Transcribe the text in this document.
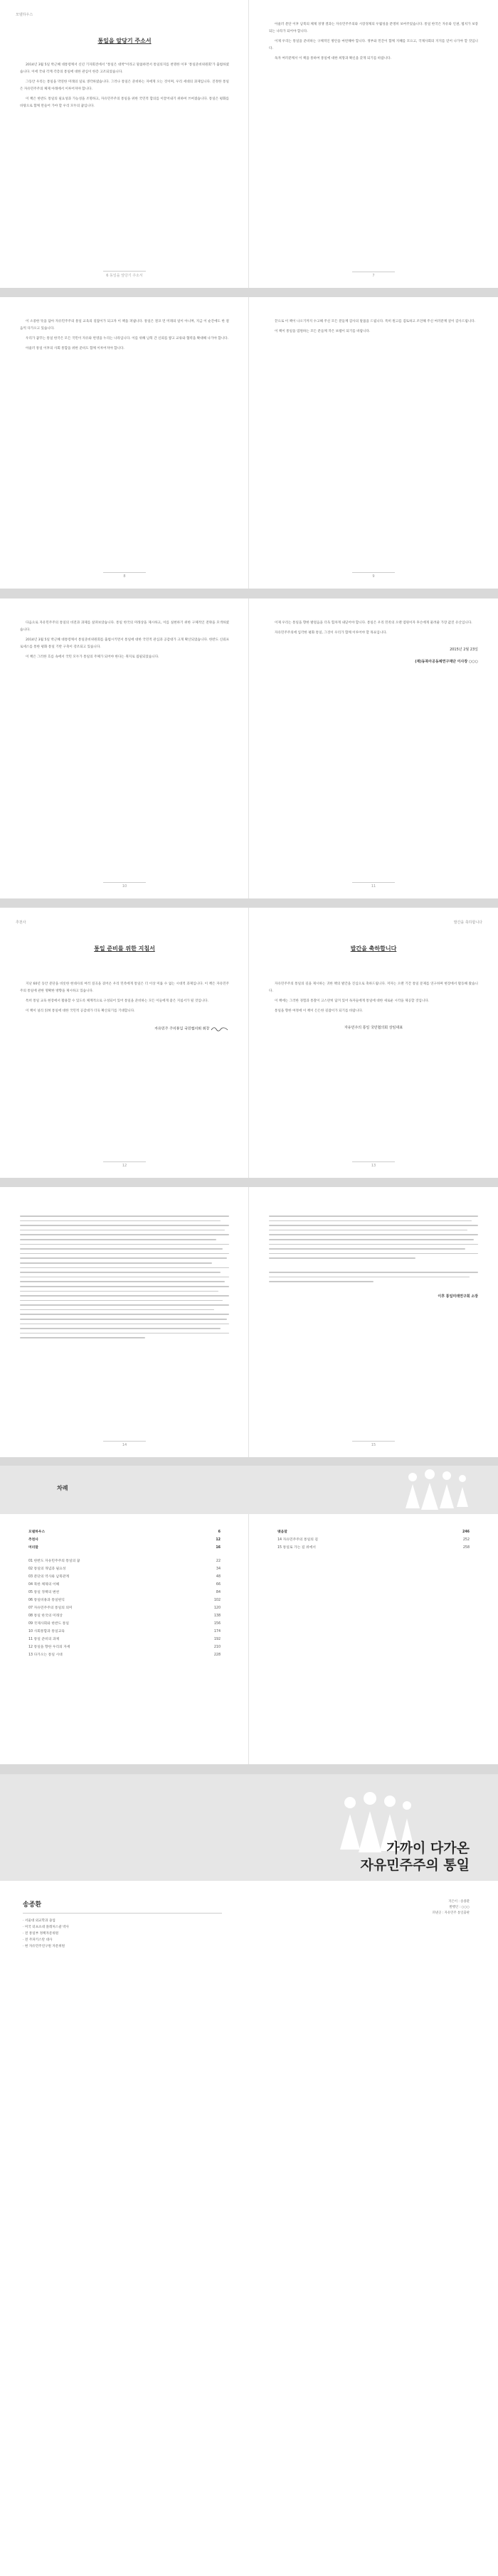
모델하우스
통일을 앞당기 주소서

2014년 3월 5일 박근혜 대통령께서 신년 기자회견에서 "통일은 대박"이라고 말씀하면서 통일의지를 천명한 이후 '통일준비위원회'가 출범하였습니다. 이에 국내 각계 각층의 통일에 대한 관심이 한층 고조되었습니다.

그동안 우리는 통일을 막연한 미래의 일로 생각하였습니다. 그러나 통일은 준비하는 자에게 오는 것이며, 우리 세대의 과제입니다. 진정한 통일은 자유민주주의 체제 아래에서 이루어져야 합니다.

이 책은 한반도 통일의 필요성과 가능성을 조명하고, 자유민주주의 통일을 위한 국민적 합의를 이끌어내기 위하여 쓰여졌습니다. 통일은 평화를 바탕으로 함께 만들어 가야 할 우리 모두의 꿈입니다.

6 동일을 앞당기 주소서

아울러 분단 이후 남북의 체제 경쟁 결과는 자유민주주의와 시장경제의 우월성을 분명히 보여주었습니다. 통일 한국은 자유와 인권, 법치가 보장되는 나라가 되어야 합니다.

이제 우리는 통일을 준비하는 구체적인 방안을 마련해야 합니다. 정부와 민간이 함께 지혜를 모으고, 국제사회의 지지를 얻어 나가야 할 것입니다.

독자 여러분께서 이 책을 통하여 통일에 대한 희망과 확신을 갖게 되기를 바랍니다.

7

이 소중한 뜻을 담아 자유민주주의 통일 교육의 길잡이가 되고자 이 책을 펴냅니다. 통일은 결코 먼 미래의 일이 아니며, 지금 이 순간에도 한 걸음씩 다가오고 있습니다.

우리가 꿈꾸는 통일 한국은 모든 국민이 자유와 번영을 누리는 나라입니다. 이를 위해 남북 간 신뢰를 쌓고 교류와 협력을 확대해 나가야 합니다.

아울러 통일 이후의 사회 통합을 위한 준비도 함께 이루어져야 합니다.

8

끝으로 이 책이 나오기까지 수고해 주신 모든 분들께 감사의 말씀을 드립니다. 특히 원고를 검토하고 조언해 주신 여러분께 깊이 감사드립니다.

이 책이 통일을 염원하는 모든 분들께 작은 보탬이 되기를 바랍니다.

9

다음으로 자유민주주의 통일의 비전과 과제를 살펴보았습니다. 통일 한국의 미래상을 제시하고, 이를 실현하기 위한 구체적인 전략을 모색하였습니다.

2014년 3월 5일 박근혜 대통령께서 통일준비위원회를 출범시키면서 통일에 대한 국민적 관심과 공감대가 크게 확산되었습니다. 한반도 신뢰프로세스를 통한 평화 통일 기반 구축이 강조되고 있습니다.

이 책은 그러한 흐름 속에서 국민 모두가 통일의 주체가 되어야 한다는 취지로 집필되었습니다.

10

이제 우리는 통일을 향한 발걸음을 더욱 힘차게 내딛어야 합니다. 통일은 우리 민족의 오랜 염원이자 후손에게 물려줄 가장 값진 유산입니다.

자유민주주의에 입각한 평화 통일, 그것이 우리가 함께 이루어야 할 목표입니다.

2015년 2월 23일
(재)동북아공동체연구재단 이사장 ○○○
11
추천사
통일 준비를 위한 지침서

지난 60년 동안 분단을 비롯한 현대사의 여러 질곡을 겪어온 우리 민족에게 통일은 더 이상 미룰 수 없는 시대적 과제입니다. 이 책은 자유민주주의 통일에 관한 명확한 방향을 제시하고 있습니다.

특히 통일 교육 현장에서 활용할 수 있도록 체계적으로 구성되어 있어 통일을 준비하는 모든 이들에게 좋은 지침서가 될 것입니다.

이 책이 널리 읽혀 통일에 대한 국민적 공감대가 더욱 확산되기를 기대합니다.

자유민주 주의통일 국민협의회 회장
12
발간을 축하합니다
발간을 축하합니다

자유민주주의 통일의 길을 제시하는 귀한 책의 발간을 진심으로 축하드립니다. 저자는 오랜 기간 통일 문제를 연구하며 현장에서 활동해 왔습니다.

이 책에는 그러한 경험과 통찰이 고스란히 담겨 있어 독자들에게 통일에 대한 새로운 시각을 제공할 것입니다.

통일을 향한 여정에 이 책이 든든한 길잡이가 되기를 바랍니다.

자유민주의 통일 국민협의회 상임대표
13
14
이후 통일미래연구회 소장
15
차례
모델하우스	6
추천사	12
머리말	16
01 한반도 자유민주주의 통일의 꿈	22
02 통일의 개념과 필요성	34
03 분단의 역사와 남북관계	48
04 북한 체제의 이해	66
05 통일 정책의 변천	84
06 통일비용과 통일편익	102
07 자유민주주의 통일의 의미	120
08 통일 한국의 미래상	138
09 국제사회와 한반도 통일	156
10 사회통합과 통일교육	174
11 통일 준비의 과제	192
12 통일을 향한 우리의 자세	210
13 다가오는 통일 시대	228
맺음말	246
14 자유민주주의 통일의 길	252
15 통일로 가는 길 위에서	258
가까이 다가온
자유민주주의 통일
송종환
· 서울대 외교학과 졸업
· 미국 터프츠대 플레처스쿨 박사
· 전 통일부 정책자문위원
· 전 주파키스탄 대사
· 현 자유민주연구원 자문위원
지은이 : 송종환
발행인 : ○○○
펴낸곳 : 자유민주 통일출판
